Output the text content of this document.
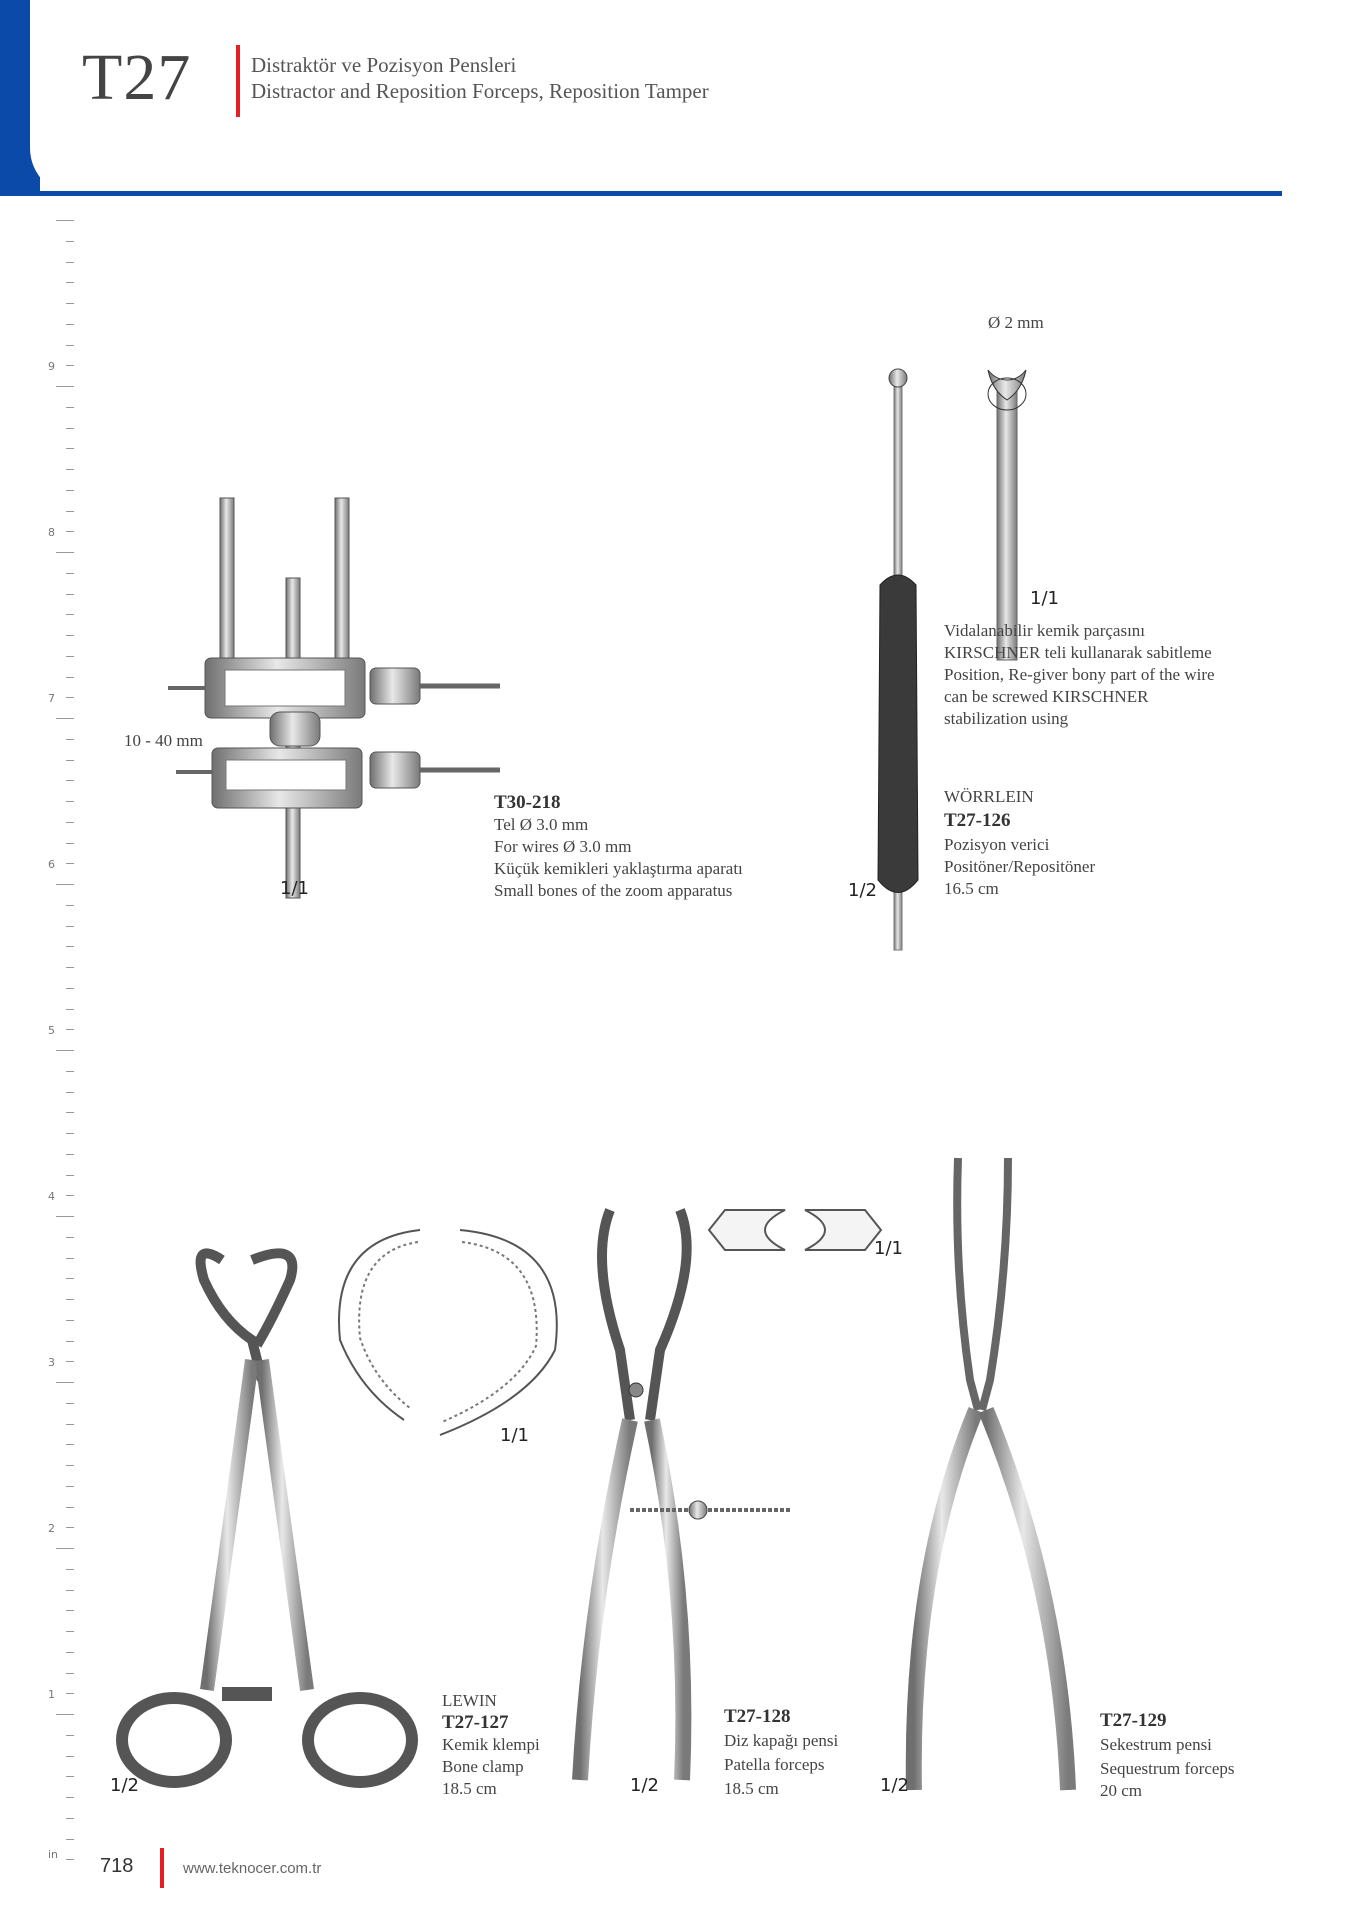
T27	Distraktör ve Pozisyon Pensleri
Distractor and Reposition Forceps, Reposition Tamper
9
8
7
6
5
4
3
2
1
in
10 - 40 mm
1/1
T30-218
Tel Ø 3.0 mm
For wires Ø 3.0 mm
Küçük kemikleri yaklaştırma aparatı
Small bones of the zoom apparatus
Ø 2 mm
1/1
Vidalanabilir kemik parçasını
KIRSCHNER teli kullanarak sabitleme
Position, Re-giver bony part of the wire
can be screwed KIRSCHNER
stabilization using
WÖRRLEIN
T27-126
Pozisyon verici
Positöner/Repositöner
16.5 cm
1/2
1/1
1/2
LEWIN
T27-127
Kemik klempi
Bone clamp
18.5 cm
1/1
1/2
T27-128
Diz kapağı pensi
Patella forceps
18.5 cm	1/2
T27-129
Sekestrum pensi
Sequestrum forceps
20 cm
718	www.teknocer.com.tr
